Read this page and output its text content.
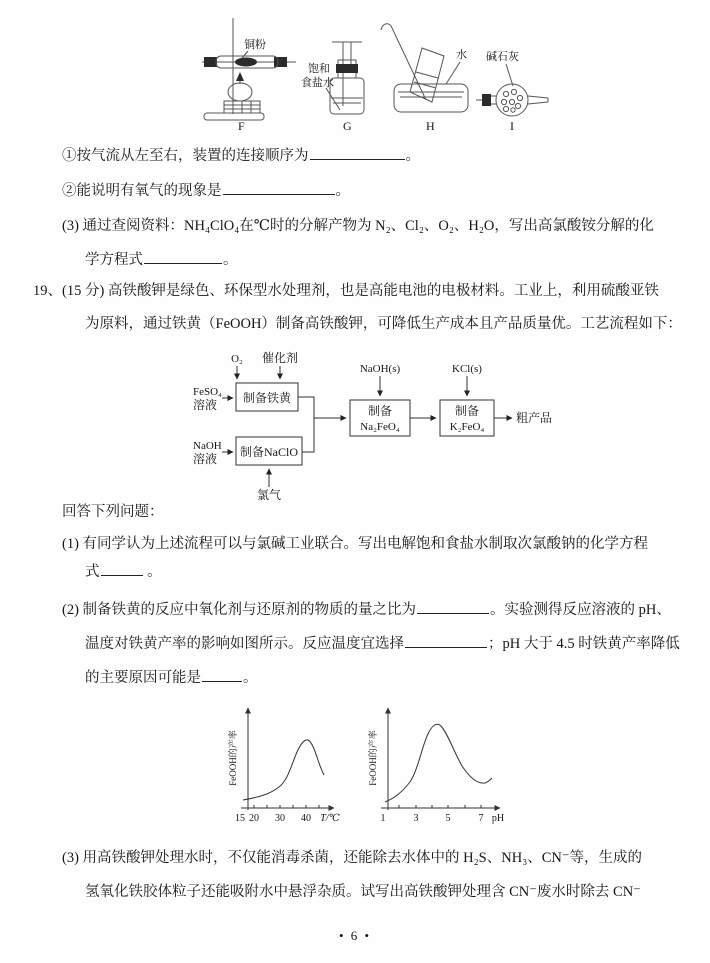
铜粉
F
饱和
食盐水
G
水
H
碱石灰
I
①按气流从左至右，装置的连接顺序为	。
②能说明有氧气的现象是	。
(3) 通过查阅资料：NH₄ClO₄在℃时的分解产物为 N₂、Cl₂、O₂、H₂O，写出高氯酸铵分解的化
学方程式	。
19、(15 分) 高铁酸钾是绿色、环保型水处理剂，也是高能电池的电极材料。工业上，利用硫酸亚铁
为原料，通过铁黄（FeOOH）制备高铁酸钾，可降低生产成本且产品质量优。工艺流程如下：
O₂ 催化剂
制备铁黄
FeSO₄
溶液
制备NaClO
NaOH
溶液
氯气
制备
Na₂FeO₄
NaOH(s)
制备
K₂FeO₄
KCl(s)
粗产品
回答下列问题：
(1) 有同学认为上述流程可以与氯碱工业联合。写出电解饱和食盐水制取次氯酸钠的化学方程
式	。
(2) 制备铁黄的反应中氧化剂与还原剂的物质的量之比为	。实验测得反应溶液的 pH、
温度对铁黄产率的影响如图所示。反应温度宜选择	；pH 大于 4.5 时铁黄产率降低
的主要原因可能是	。
FeOOH的产率
15 20 30 40 T/℃
FeOOH的产率
1	3	5	7 pH
(3) 用高铁酸钾处理水时，不仅能消毒杀菌，还能除去水体中的 H₂S、NH₃、CN⁻等，生成的
氢氧化铁胶体粒子还能吸附水中悬浮杂质。试写出高铁酸钾处理含 CN⁻废水时除去 CN⁻
• 6 •
